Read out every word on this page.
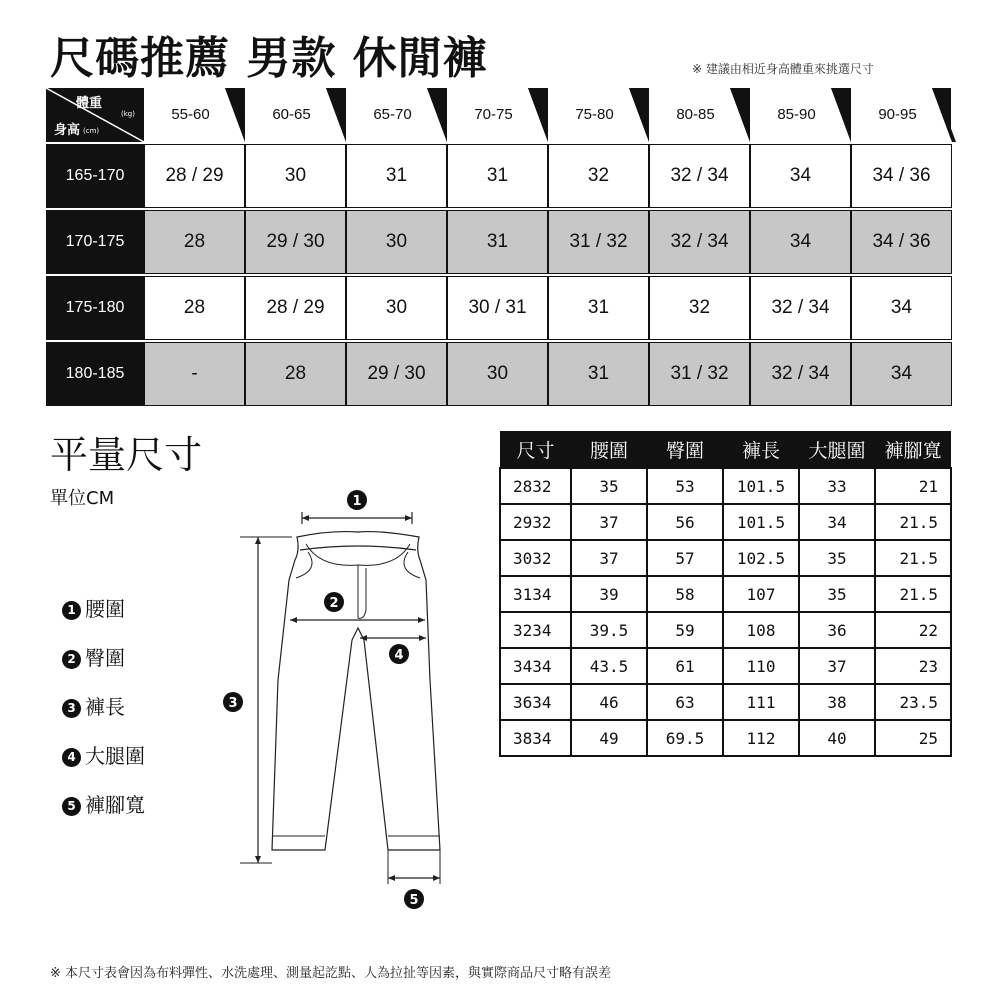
尺碼推薦 男款 休閒褲	※ 建議由相近身高體重來挑選尺寸
體重
(kg)
身高 (cm)
55-60	60-65	65-70	70-75	75-80	80-85	85-90	90-95
165-170	28 / 29	30	31	31	32	32 / 34	34	34 / 36
170-175	28	29 / 30	30	31	31 / 32	32 / 34	34	34 / 36
175-180	28	28 / 29	30	30 / 31	31	32	32 / 34	34
180-185	-	28	29 / 30	30	31	31 / 32	32 / 34	34
平量尺寸
單位CM
1 腰圍
2 臀圍
3 褲長
4 大腿圍
5 褲腳寬
1
2
4
3
5
尺寸	腰圍	臀圍	褲長	大腿圍	褲腳寬
2832	35	53	101.5	33	21
2932	37	56	101.5	34	21.5
3032	37	57	102.5	35	21.5
3134	39	58	107	35	21.5
3234	39.5	59	108	36	22
3434	43.5	61	110	37	23
3634	46	63	111	38	23.5
3834	49	69.5	112	40	25
※ 本尺寸表會因為布料彈性、水洗處理、測量起訖點、人為拉扯等因素，與實際商品尺寸略有誤差
